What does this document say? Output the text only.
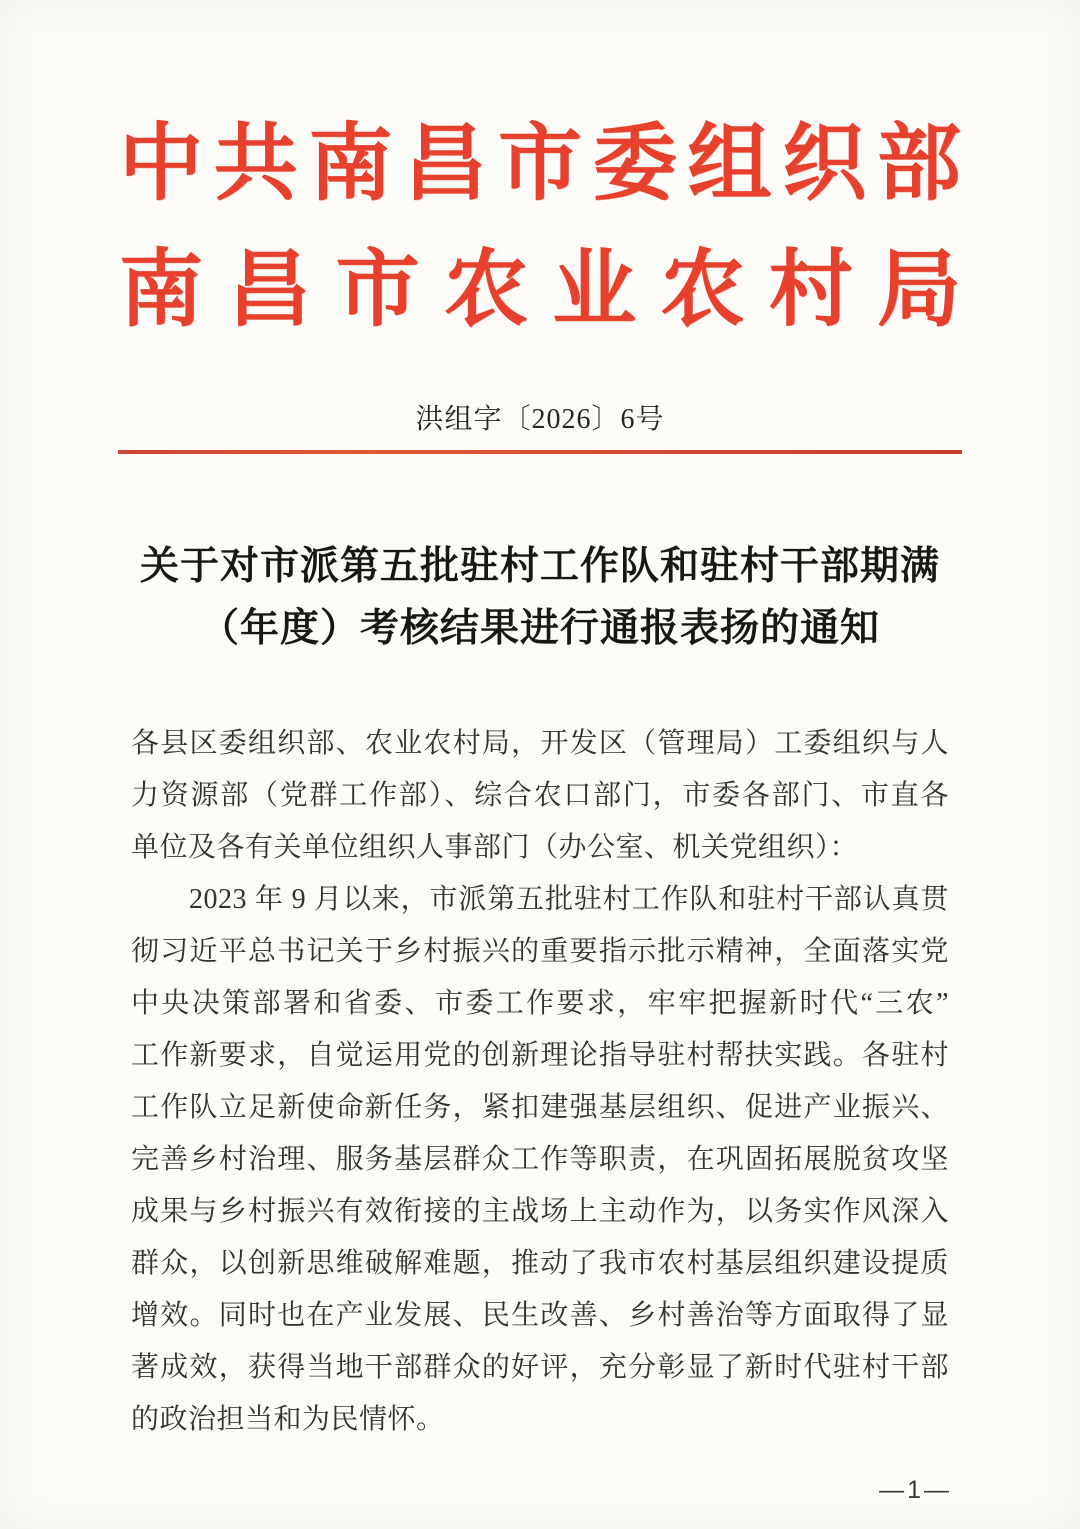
中共南昌市委组织部
南昌市农业农村局
洪组字〔2026〕6号
关于对市派第五批驻村工作队和驻村干部期满
（年度）考核结果进行通报表扬的通知
各县区委组织部、农业农村局，开发区（管理局）工委组织与人
力资源部（党群工作部）、综合农口部门，市委各部门、市直各
单位及各有关单位组织人事部门（办公室、机关党组织）：
2023 年 9 月以来，市派第五批驻村工作队和驻村干部认真贯
彻习近平总书记关于乡村振兴的重要指示批示精神，全面落实党
中央决策部署和省委、市委工作要求，牢牢把握新时代“三农”
工作新要求，自觉运用党的创新理论指导驻村帮扶实践。各驻村
工作队立足新使命新任务，紧扣建强基层组织、促进产业振兴、
完善乡村治理、服务基层群众工作等职责，在巩固拓展脱贫攻坚
成果与乡村振兴有效衔接的主战场上主动作为，以务实作风深入
群众，以创新思维破解难题，推动了我市农村基层组织建设提质
增效。同时也在产业发展、民生改善、乡村善治等方面取得了显
著成效，获得当地干部群众的好评，充分彰显了新时代驻村干部
的政治担当和为民情怀。
—1—
